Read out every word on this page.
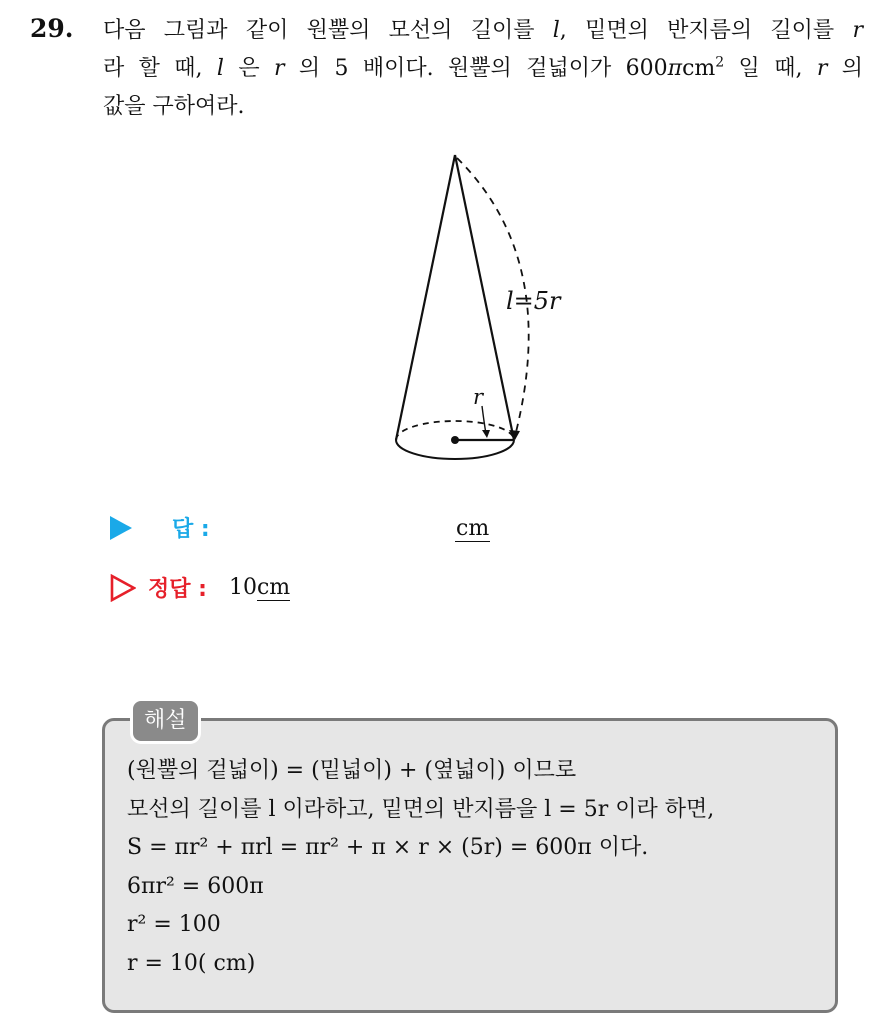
29. 다음 그림과 같이 원뿔의 모선의 길이를 l, 밑면의 반지름의 길이를 r
라 할 때, l 은 r 의 5 배이다. 원뿔의 겉넓이가 600πcm$^2$ 일 때, r 의
값을 구하여라.
l=5r
r
답 :	cm
정답 : 10cm
해설
(원뿔의 겉넓이) = (밑넓이) + (옆넓이) 이므로
모선의 길이를 l 이라하고, 밑면의 반지름을 l = 5r 이라 하면,
S = πr² + πrl = πr² + π × r × (5r) = 600π 이다.
6πr² = 600π
r² = 100
r = 10( cm)
